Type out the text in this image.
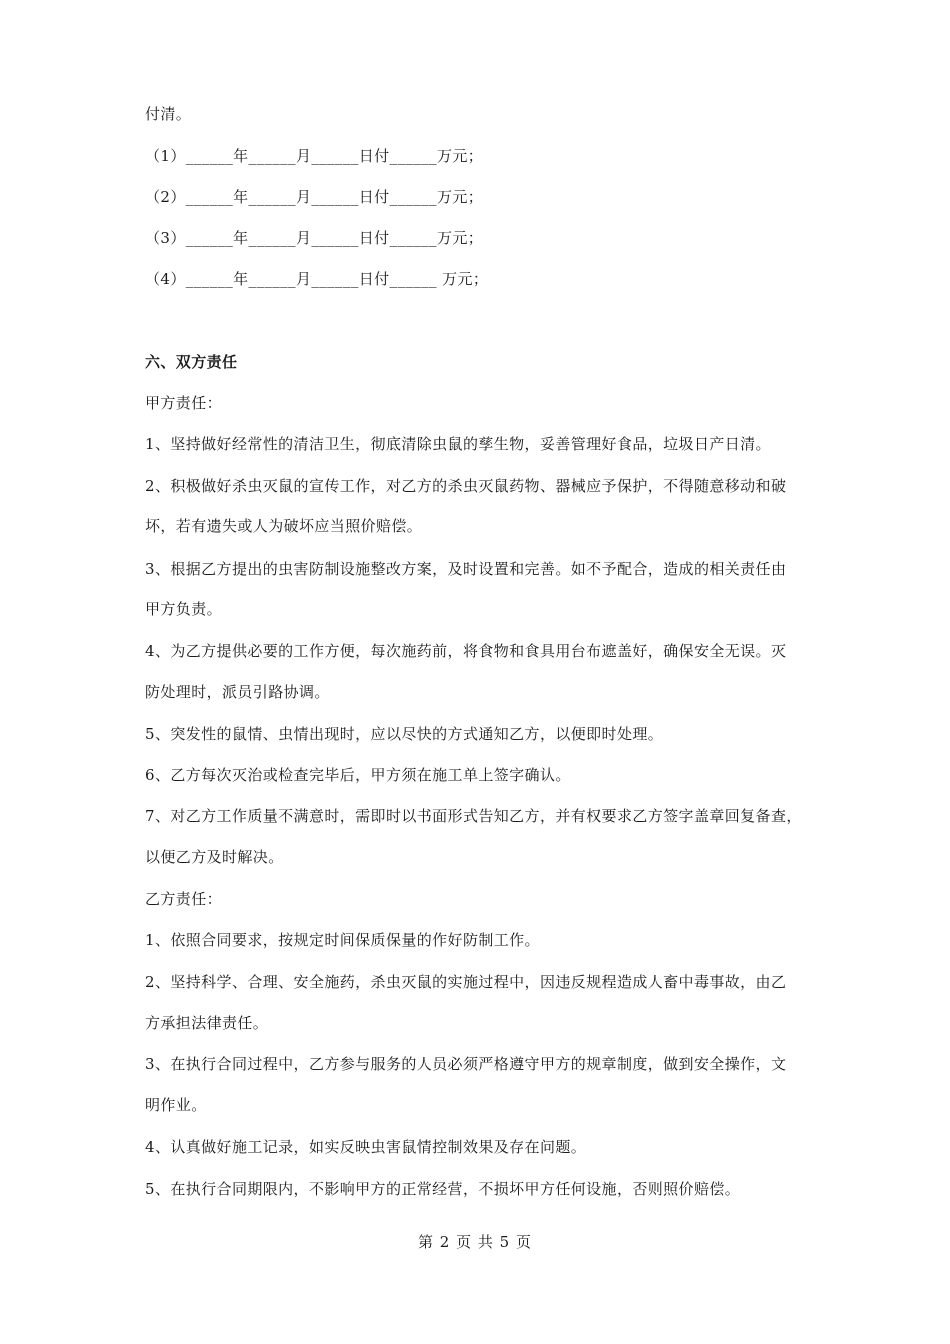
付清。
（1）______年______月______日付______万元；
（2）______年______月______日付______万元；
（3）______年______月______日付______万元；
（4）______年______月______日付______ 万元；
六、双方责任
甲方责任：
1、坚持做好经常性的清洁卫生，彻底清除虫鼠的孳生物，妥善管理好食品，垃圾日产日清。
2、积极做好杀虫灭鼠的宣传工作，对乙方的杀虫灭鼠药物、器械应予保护，不得随意移动和破
坏，若有遗失或人为破坏应当照价赔偿。
3、根据乙方提出的虫害防制设施整改方案，及时设置和完善。如不予配合，造成的相关责任由
甲方负责。
4、为乙方提供必要的工作方便，每次施药前，将食物和食具用台布遮盖好，确保安全无误。灭
防处理时，派员引路协调。
5、突发性的鼠情、虫情出现时，应以尽快的方式通知乙方，以便即时处理。
6、乙方每次灭治或检查完毕后，甲方须在施工单上签字确认。
7、对乙方工作质量不满意时，需即时以书面形式告知乙方，并有权要求乙方签字盖章回复备查，
以便乙方及时解决。
乙方责任：
1、依照合同要求，按规定时间保质保量的作好防制工作。
2、坚持科学、合理、安全施药，杀虫灭鼠的实施过程中，因违反规程造成人畜中毒事故，由乙
方承担法律责任。
3、在执行合同过程中，乙方参与服务的人员必须严格遵守甲方的规章制度，做到安全操作，文
明作业。
4、认真做好施工记录，如实反映虫害鼠情控制效果及存在问题。
5、在执行合同期限内，不影响甲方的正常经营，不损坏甲方任何设施，否则照价赔偿。
第 2 页 共 5 页
